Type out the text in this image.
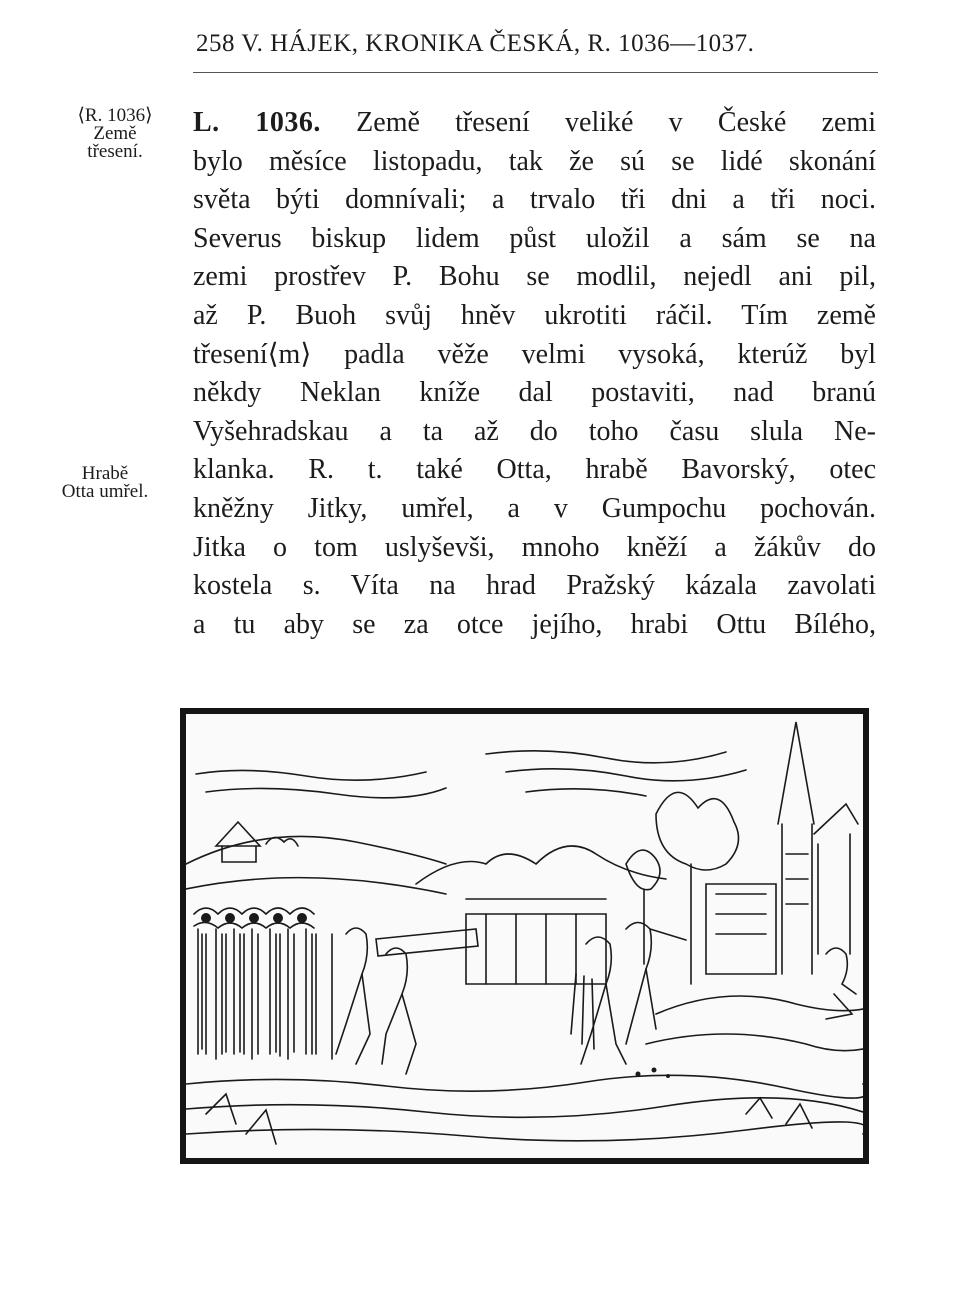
258 V. HÁJEK, KRONIKA ČESKÁ, R. 1036—1037.
⟨R. 1036⟩
Země
třesení.
Hrabě
Otta umřel.
L. 1036. Země třesení veliké v České zemi
bylo měsíce listopadu, tak že sú se lidé skonání
světa býti domnívali; a trvalo tři dni a tři noci.
Severus biskup lidem půst uložil a sám se na
zemi prostřev P. Bohu se modlil, nejedl ani pil,
až P. Buoh svůj hněv ukrotiti ráčil. Tím země
třesení⟨m⟩ padla věže velmi vysoká, kterúž byl
někdy Neklan kníže dal postaviti, nad branú
Vyšehradskau a ta až do toho času slula Ne-
klanka. R. t. také Otta, hrabě Bavorský, otec
kněžny Jitky, umřel, a v Gumpochu pochován.
Jitka o tom uslyševši, mnoho kněží a žákův do
kostela s. Víta na hrad Pražský kázala zavolati
a tu aby se za otce jejího, hrabi Ottu Bílého,
